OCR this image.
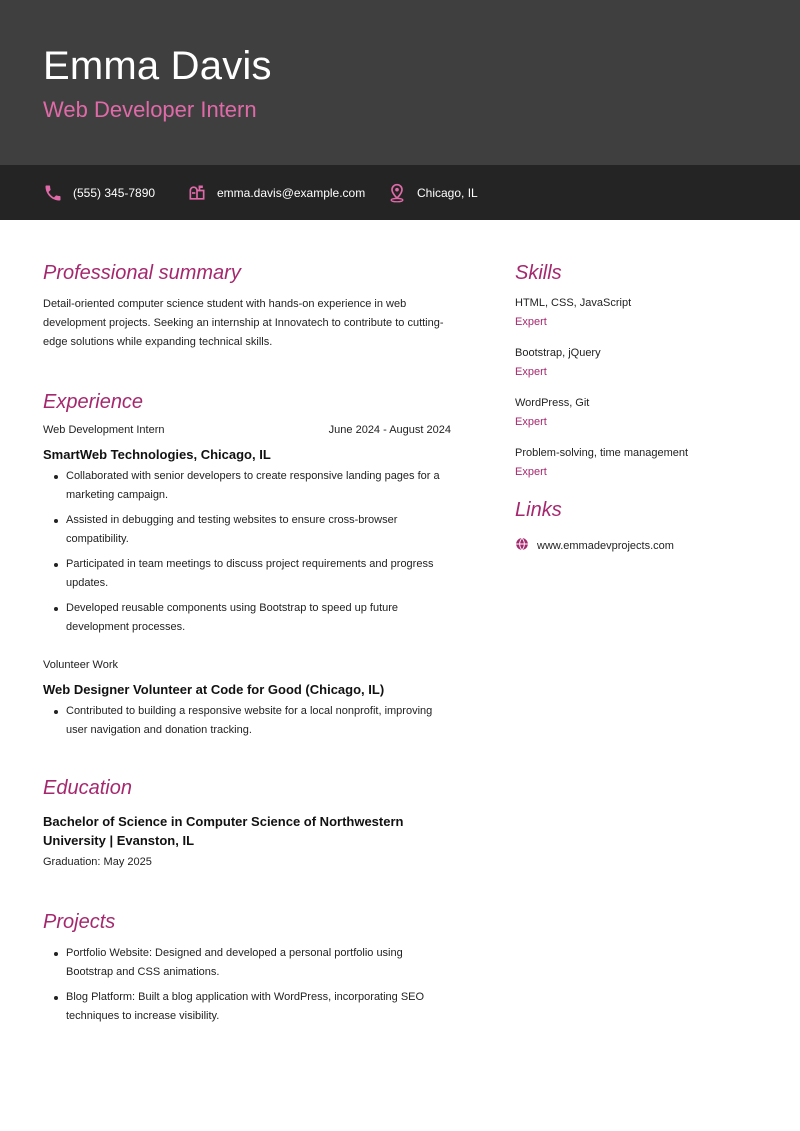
Emma Davis
Web Developer Intern
(555) 345-7890	emma.davis@example.com	Chicago, IL
Professional summary
Detail-oriented computer science student with hands-on experience in web development projects. Seeking an internship at Innovatech to contribute to cutting-edge solutions while expanding technical skills.
Experience
Web Development Intern	June 2024 - August 2024
SmartWeb Technologies, Chicago, IL
Collaborated with senior developers to create responsive landing pages for a marketing campaign.
Assisted in debugging and testing websites to ensure cross-browser compatibility.
Participated in team meetings to discuss project requirements and progress updates.
Developed reusable components using Bootstrap to speed up future development processes.
Volunteer Work
Web Designer Volunteer at Code for Good (Chicago, IL)
Contributed to building a responsive website for a local nonprofit, improving user navigation and donation tracking.
Education
Bachelor of Science in Computer Science of Northwestern University | Evanston, IL
Graduation: May 2025
Projects
Portfolio Website: Designed and developed a personal portfolio using Bootstrap and CSS animations.
Blog Platform: Built a blog application with WordPress, incorporating SEO techniques to increase visibility.
Skills
HTML, CSS, JavaScript
Expert
Bootstrap, jQuery
Expert
WordPress, Git
Expert
Problem-solving, time management
Expert
Links
www.emmadevprojects.com
